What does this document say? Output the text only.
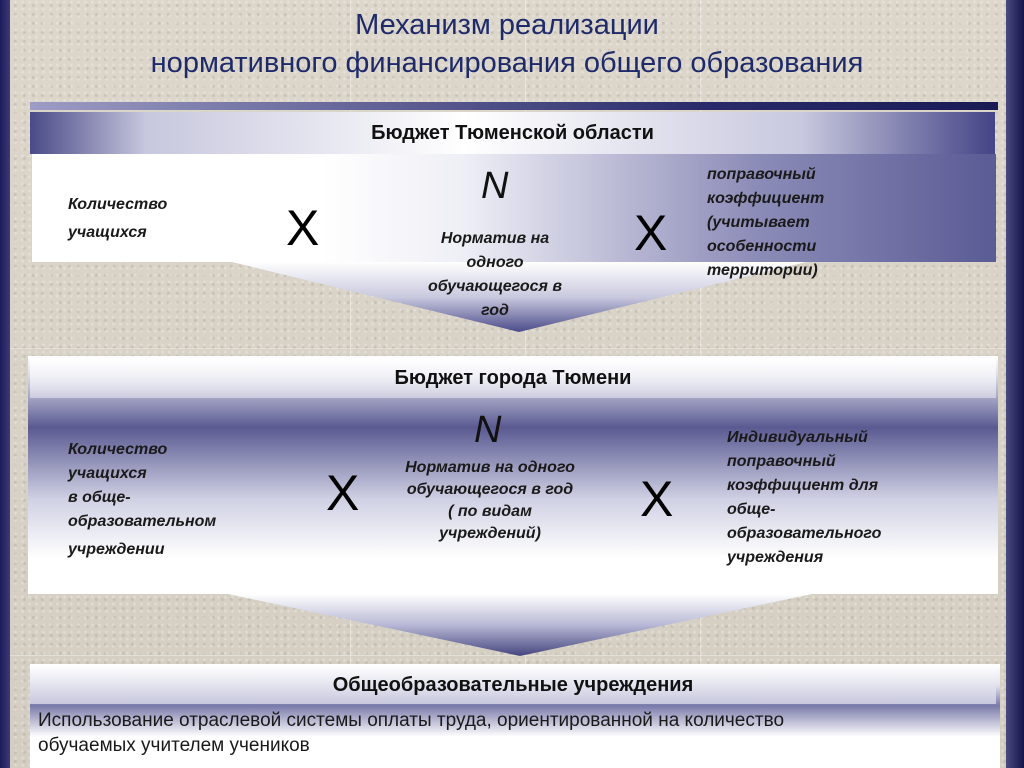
Механизм реализации
нормативного финансирования общего образования
Бюджет Тюменской области
Количество
учащихся	Х
N
Норматив на
одного
обучающегося в
год
Х
поправочный
коэффициент
(учитывает
особенности
территории)
Бюджет города Тюмени
Количество
учащихся
в обще-
образовательном
учреждении
Х
N
Норматив на одного
обучающегося в год
( по видам
учреждений)
Х
Индивидуальный
поправочный
коэффициент для
обще-
образовательного
учреждения
Общеобразовательные учреждения
Использование отраслевой системы оплаты труда, ориентированной на количество
обучаемых учителем учеников
